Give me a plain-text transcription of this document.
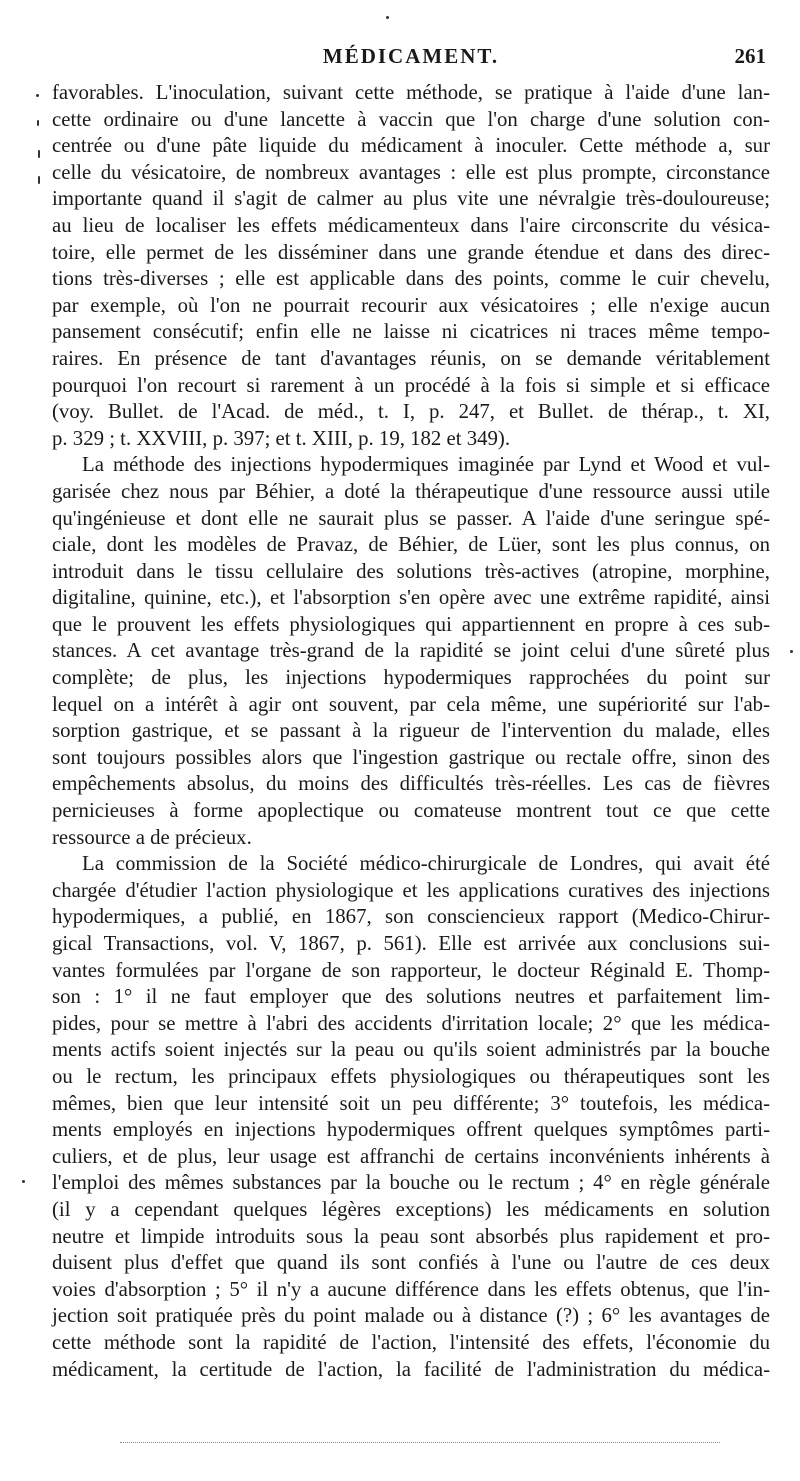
MÉDICAMENT.	261

favorables. L'inoculation, suivant cette méthode, se pratique à l'aide d'une lan-
cette ordinaire ou d'une lancette à vaccin que l'on charge d'une solution con-
centrée ou d'une pâte liquide du médicament à inoculer. Cette méthode a, sur
celle du vésicatoire, de nombreux avantages : elle est plus prompte, circonstance
importante quand il s'agit de calmer au plus vite une névralgie très-douloureuse;
au lieu de localiser les effets médicamenteux dans l'aire circonscrite du vésica-
toire, elle permet de les disséminer dans une grande étendue et dans des direc-
tions très-diverses ; elle est applicable dans des points, comme le cuir chevelu,
par exemple, où l'on ne pourrait recourir aux vésicatoires ; elle n'exige aucun
pansement consécutif; enfin elle ne laisse ni cicatrices ni traces même tempo-
raires. En présence de tant d'avantages réunis, on se demande véritablement
pourquoi l'on recourt si rarement à un procédé à la fois si simple et si efficace
(voy. Bullet. de l'Acad. de méd., t. I, p. 247, et Bullet. de thérap., t. XI,
p. 329 ; t. XXVIII, p. 397; et t. XIII, p. 19, 182 et 349).

La méthode des injections hypodermiques imaginée par Lynd et Wood et vul-
garisée chez nous par Béhier, a doté la thérapeutique d'une ressource aussi utile
qu'ingénieuse et dont elle ne saurait plus se passer. A l'aide d'une seringue spé-
ciale, dont les modèles de Pravaz, de Béhier, de Lüer, sont les plus connus, on
introduit dans le tissu cellulaire des solutions très-actives (atropine, morphine,
digitaline, quinine, etc.), et l'absorption s'en opère avec une extrême rapidité, ainsi
que le prouvent les effets physiologiques qui appartiennent en propre à ces sub-
stances. A cet avantage très-grand de la rapidité se joint celui d'une sûreté plus
complète; de plus, les injections hypodermiques rapprochées du point sur
lequel on a intérêt à agir ont souvent, par cela même, une supériorité sur l'ab-
sorption gastrique, et se passant à la rigueur de l'intervention du malade, elles
sont toujours possibles alors que l'ingestion gastrique ou rectale offre, sinon des
empêchements absolus, du moins des difficultés très-réelles. Les cas de fièvres
pernicieuses à forme apoplectique ou comateuse montrent tout ce que cette
ressource a de précieux.

La commission de la Société médico-chirurgicale de Londres, qui avait été
chargée d'étudier l'action physiologique et les applications curatives des injections
hypodermiques, a publié, en 1867, son consciencieux rapport (Medico-Chirur-
gical Transactions, vol. V, 1867, p. 561). Elle est arrivée aux conclusions sui-
vantes formulées par l'organe de son rapporteur, le docteur Réginald E. Thomp-
son : 1° il ne faut employer que des solutions neutres et parfaitement lim-
pides, pour se mettre à l'abri des accidents d'irritation locale; 2° que les médica-
ments actifs soient injectés sur la peau ou qu'ils soient administrés par la bouche
ou le rectum, les principaux effets physiologiques ou thérapeutiques sont les
mêmes, bien que leur intensité soit un peu différente; 3° toutefois, les médica-
ments employés en injections hypodermiques offrent quelques symptômes parti-
culiers, et de plus, leur usage est affranchi de certains inconvénients inhérents à
l'emploi des mêmes substances par la bouche ou le rectum ; 4° en règle générale
(il y a cependant quelques légères exceptions) les médicaments en solution
neutre et limpide introduits sous la peau sont absorbés plus rapidement et pro-
duisent plus d'effet que quand ils sont confiés à l'une ou l'autre de ces deux
voies d'absorption ; 5° il n'y a aucune différence dans les effets obtenus, que l'in-
jection soit pratiquée près du point malade ou à distance (?) ; 6° les avantages de
cette méthode sont la rapidité de l'action, l'intensité des effets, l'économie du
médicament, la certitude de l'action, la facilité de l'administration du médica-
